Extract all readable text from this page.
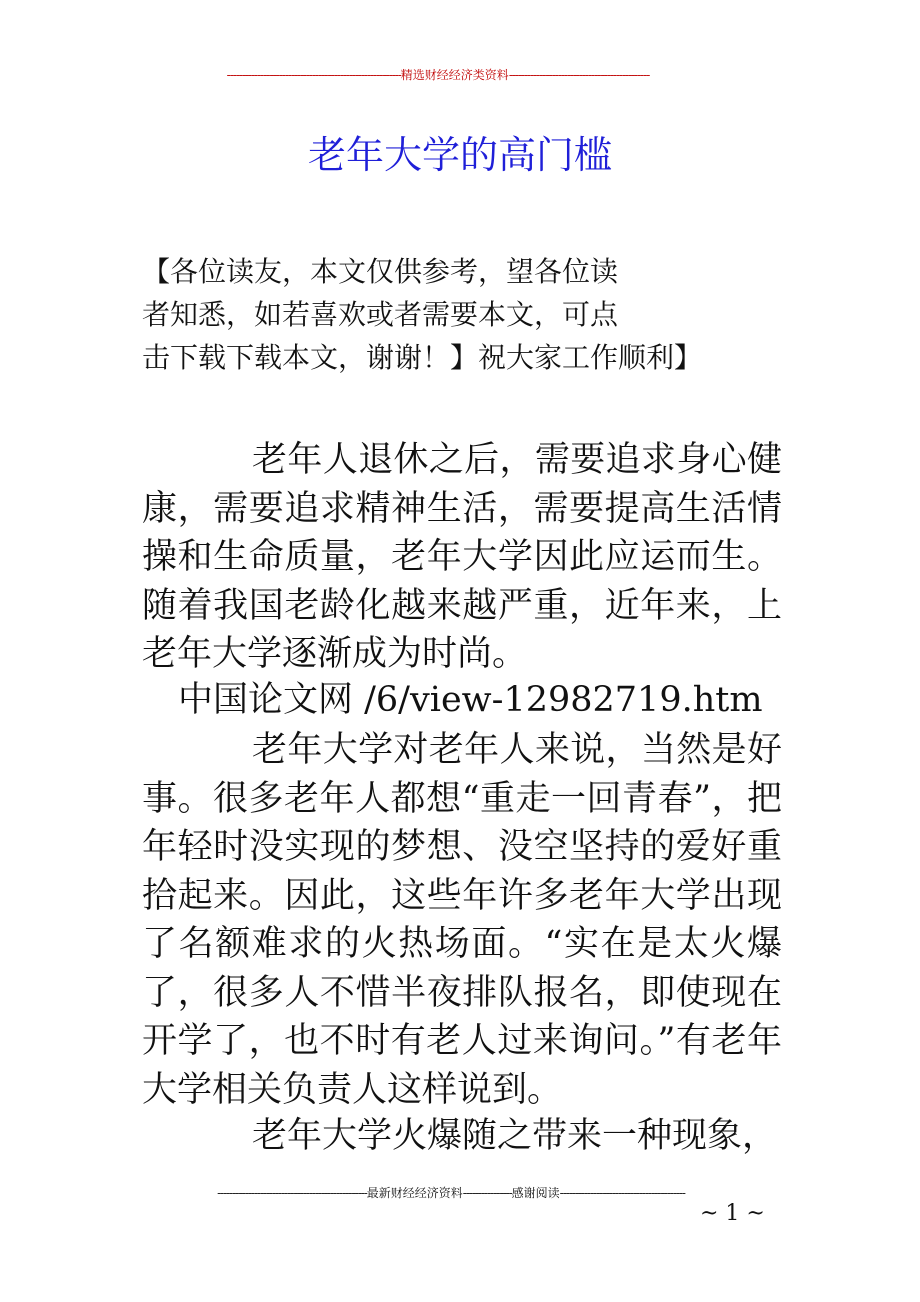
---------------------------------------------------------精选财经经济类资料----------------------------------------------
老年大学的高门槛
【各位读友，本文仅供参考，望各位读
者知悉，如若喜欢或者需要本文，可点
击下载下载本文，谢谢！】祝大家工作顺利】
老年人退休之后，需要追求身心健康，需要追求精神生活，需要提高生活情操和生命质量，老年大学因此应运而生。随着我国老龄化越来越严重，近年来，上老年大学逐渐成为时尚。
中国论文网 /6/view-12982719.htm
老年大学对老年人来说，当然是好事。很多老年人都想“重走一回青春”，把年轻时没实现的梦想、没空坚持的爱好重拾起来。因此，这些年许多老年大学出现了名额难求的火热场面。“实在是太火爆了，很多人不惜半夜排队报名，即使现在开学了，也不时有老人过来询问。”有老年大学相关负责人这样说到。
老年大学火爆随之带来一种现象，
-------------------------------------------------最新财经经济资料----------------感谢阅读-----------------------------------------
~ 1 ~
